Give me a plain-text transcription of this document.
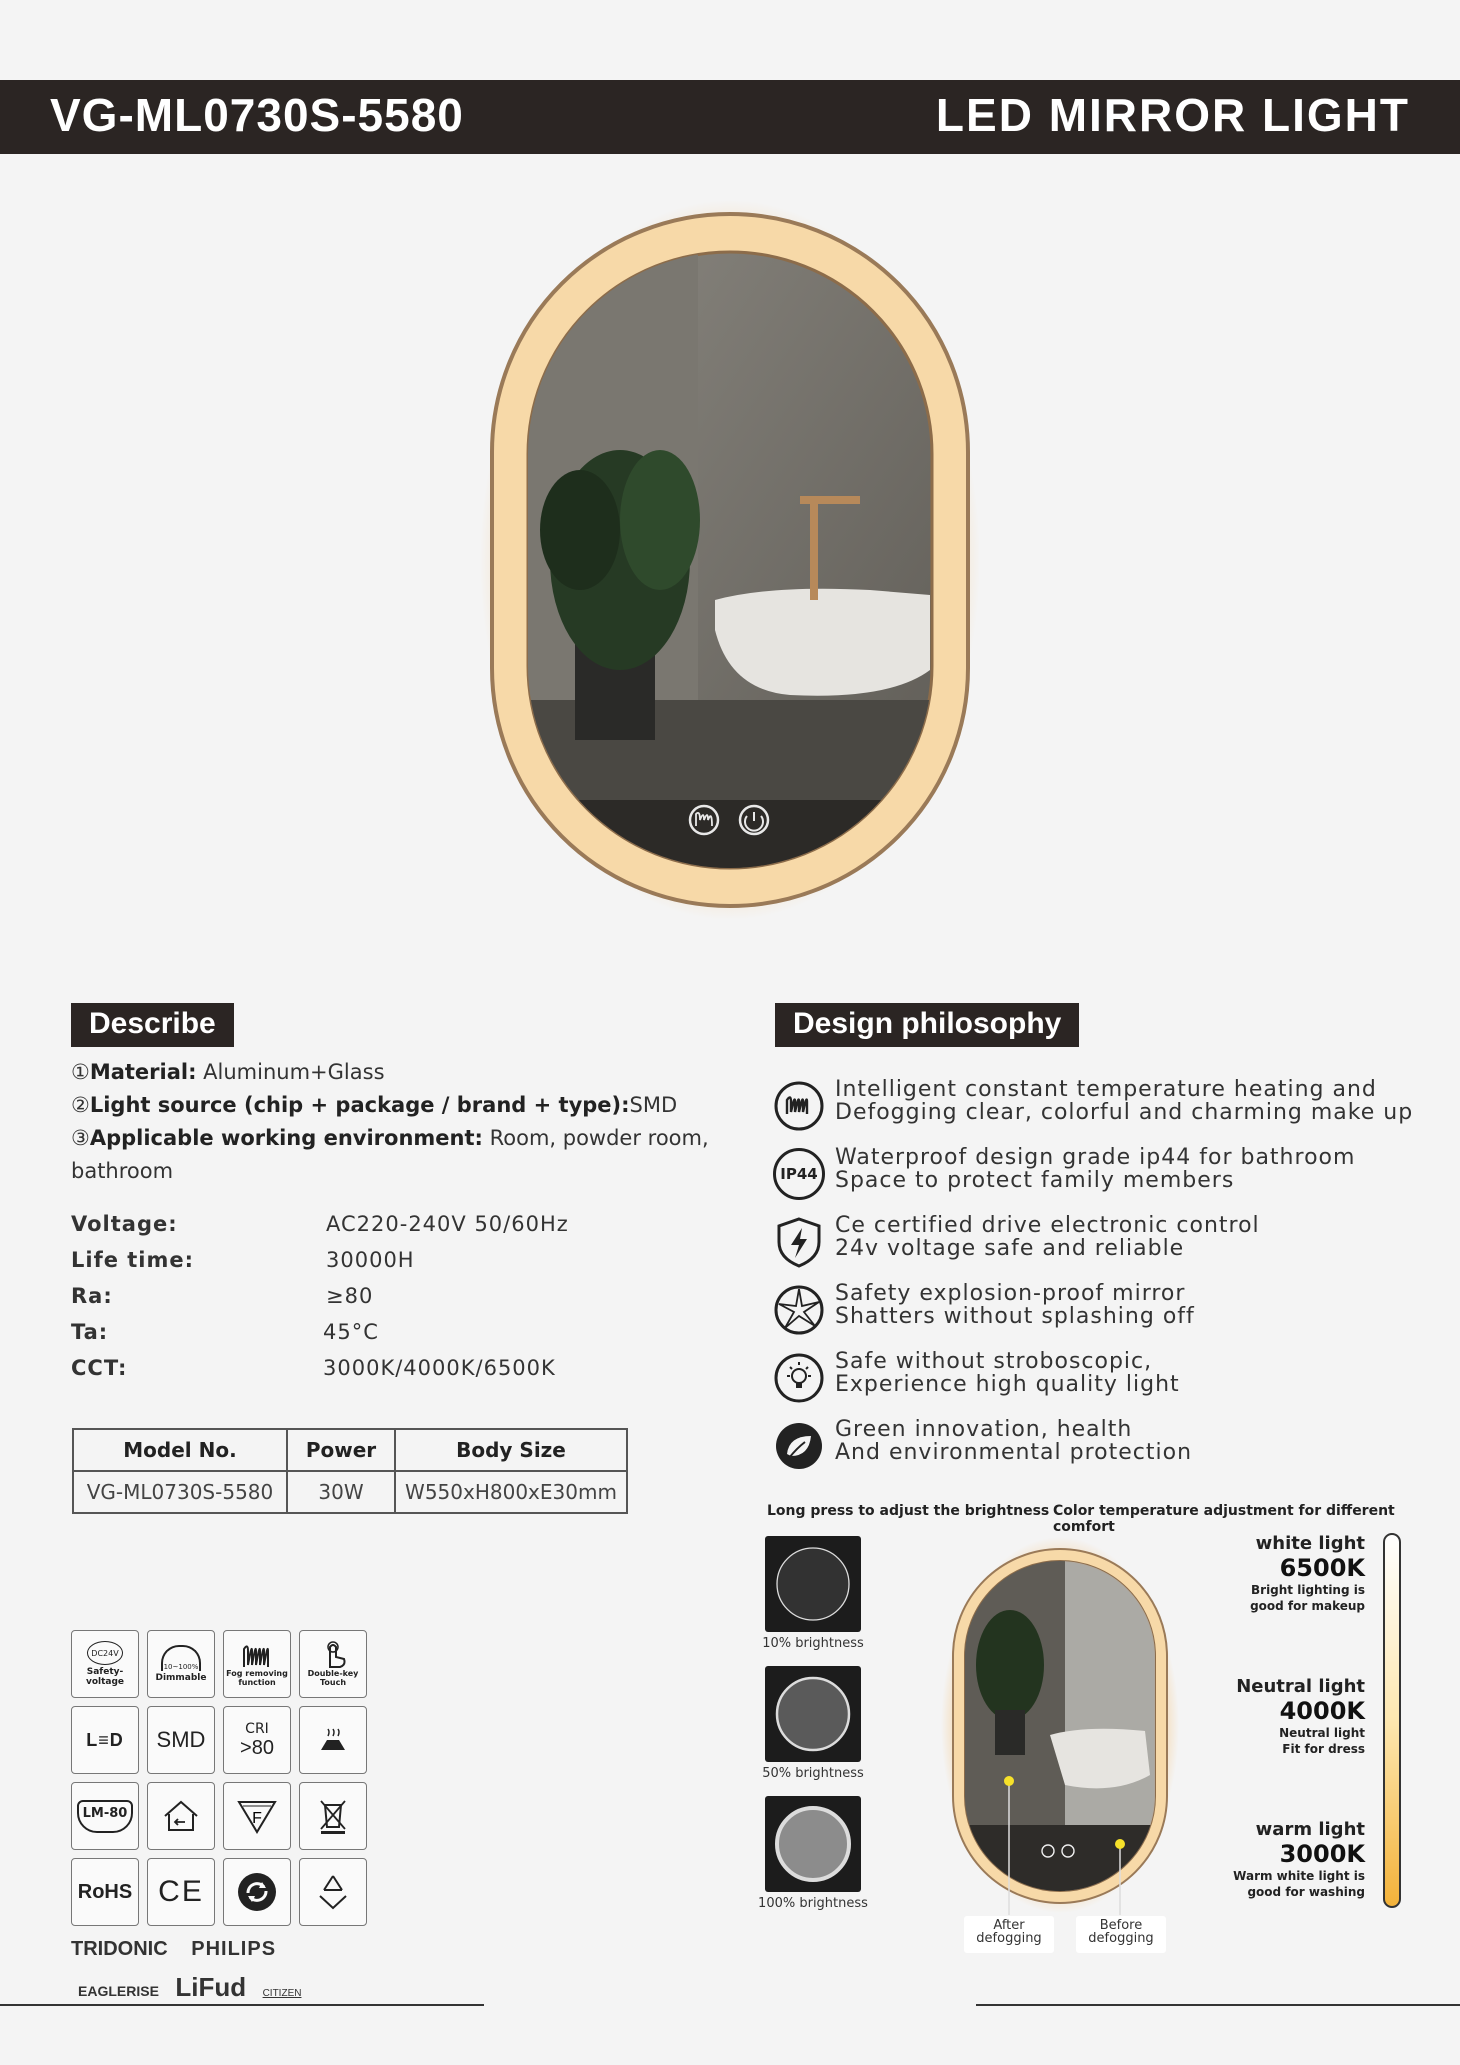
VG-ML0730S-5580	LED MIRROR LIGHT
Describe
①Material: Aluminum+Glass
②Light source (chip + package / brand + type):SMD
③Applicable working environment: Room, powder room,
bathroom
Voltage:	AC220-240V 50/60Hz
Life time:	30000H
Ra:	≥80
Ta:	45°C
CCT:	3000K/4000K/6500K
Model No.	Power	Body Size
VG-ML0730S-5580	30W	W550xH800xE30mm
Design philosophy
Intelligent constant temperature heating and
Defogging clear, colorful and charming make up
IP44
Waterproof design grade ip44 for bathroom
Space to protect family members
Ce certified drive electronic control
24v voltage safe and reliable
Safety explosion-proof mirror
Shatters without splashing off
Safe without stroboscopic,
Experience high quality light
Green innovation, health
And environmental protection
DC24V
Safety-voltage
10~100%
Dimmable Fog removing function
Double-key Touch
L≡D SMD	CRI
>80
LM-80	F
RoHS CE
TRIDONIC PHILIPS
EAGLERISE LiFud CITIZEN
Long press to adjust the brightness
10% brightness
50% brightness
100% brightness
After
defogging
Before
defogging
Color temperature adjustment for different comfort
white light
6500K
Bright lighting is
good for makeup
Neutral light
4000K
Neutral light
Fit for dress
warm light
3000K
Warm white light is
good for washing
